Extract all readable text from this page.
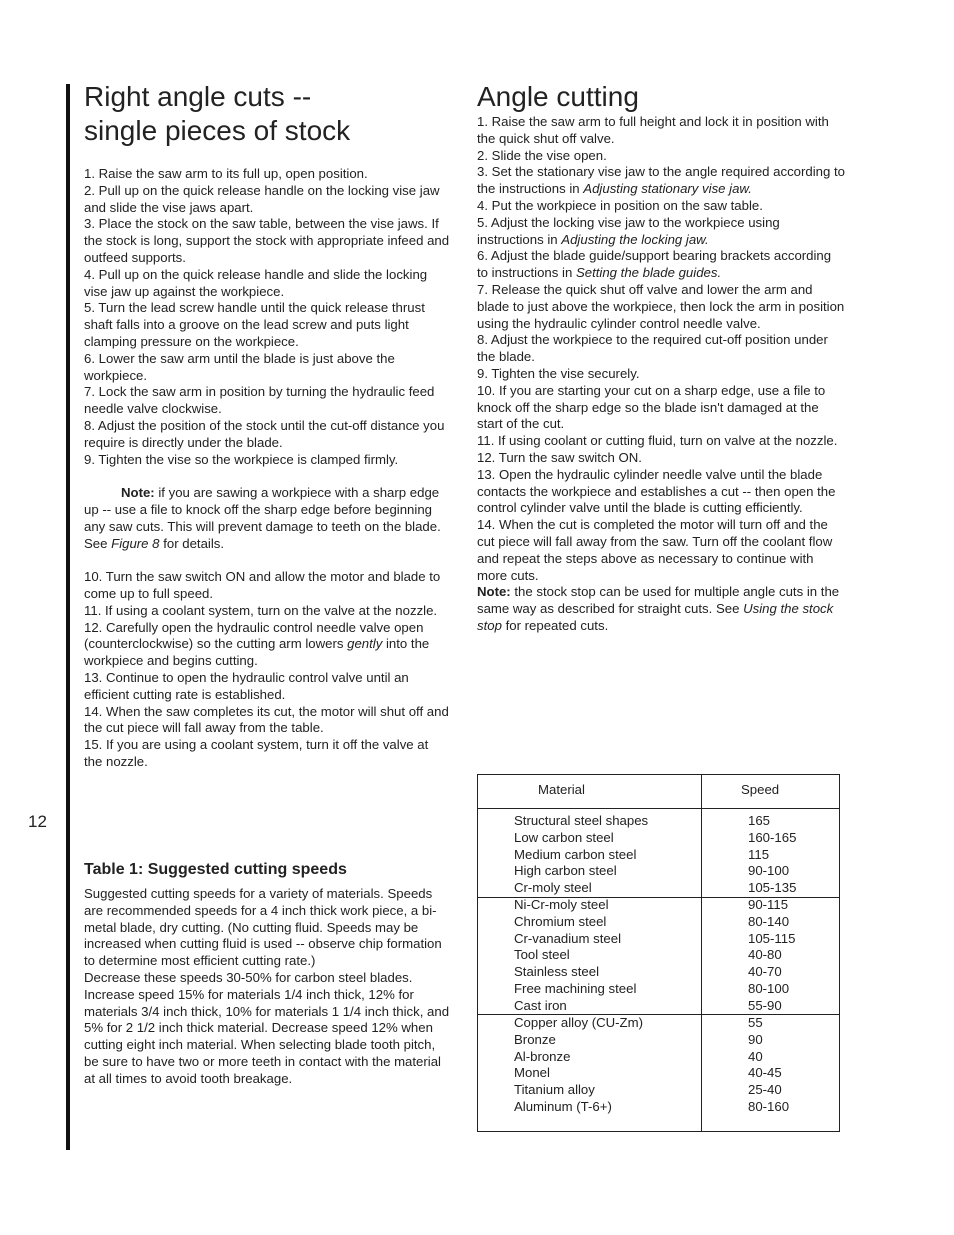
12
Right angle cuts --
single pieces of stock

1. Raise the saw arm to its full up, open position.

2. Pull up on the quick release handle on the locking vise jaw and slide the vise jaws apart.

3. Place the stock on the saw table, between the vise jaws. If the stock is long, support the stock with appropriate infeed and outfeed supports.

4. Pull up on the quick release handle and slide the locking vise jaw up against the workpiece.

5. Turn the lead screw handle until the quick release thrust shaft falls into a groove on the lead screw and puts light clamping pressure on the workpiece.

6. Lower the saw arm until the blade is just above the workpiece.

7. Lock the saw arm in position by turning the hydraulic feed needle valve clockwise.

8. Adjust the position of the stock until the cut-off distance you require is directly under the blade.

9. Tighten the vise so the workpiece is clamped firmly.

Note: if you are sawing a workpiece with a sharp edge up -- use a file to knock off the sharp edge before beginning any saw cuts. This will prevent damage to teeth on the blade. See Figure 8 for details.

10. Turn the saw switch ON and allow the motor and blade to come up to full speed.

11. If using a coolant system, turn on the valve at the nozzle.

12. Carefully open the hydraulic control needle valve open (counterclockwise) so the cutting arm lowers gently into the workpiece and begins cutting.

13. Continue to open the hydraulic control valve until an efficient cutting rate is established.

14. When the saw completes its cut, the motor will shut off and the cut piece will fall away from the table.

15. If you are using a coolant system, turn it off the valve at the nozzle.

Table 1: Suggested cutting speeds

Suggested cutting speeds for a variety of materials. Speeds are recommended speeds for a 4 inch thick work piece, a bi-metal blade, dry cutting. (No cutting fluid. Speeds may be increased when cutting fluid is used -- observe chip formation to determine most efficient cutting rate.)

Decrease these speeds 30-50% for carbon steel blades. Increase speed 15% for materials 1/4 inch thick, 12% for materials 3/4 inch thick, 10% for materials 1 1/4 inch thick, and 5% for 2 1/2 inch thick material. Decrease speed 12% when cutting eight inch material. When selecting blade tooth pitch, be sure to have two or more teeth in contact with the material at all times to avoid tooth breakage.

Angle cutting

1. Raise the saw arm to full height and lock it in position with the quick shut off valve.

2. Slide the vise open.

3. Set the stationary vise jaw to the angle required according to the instructions in Adjusting stationary vise jaw.

4. Put the workpiece in position on the saw table.

5. Adjust the locking vise jaw to the workpiece using instructions in Adjusting the locking jaw.

6. Adjust the blade guide/support bearing brackets according to instructions in Setting the blade guides.

7. Release the quick shut off valve and lower the arm and blade to just above the workpiece, then lock the arm in position using the hydraulic cylinder control needle valve.

8. Adjust the workpiece to the required cut-off position under the blade.

9. Tighten the vise securely.

10. If you are starting your cut on a sharp edge, use a file to knock off the sharp edge so the blade isn't damaged at the start of the cut.

11. If using coolant or cutting fluid, turn on valve at the nozzle.

12. Turn the saw switch ON.

13. Open the hydraulic cylinder needle valve until the blade contacts the workpiece and establishes a cut -- then open the control cylinder valve until the blade is cutting efficiently.

14. When the cut is completed the motor will turn off and the cut piece will fall away from the saw. Turn off the coolant flow and repeat the steps above as necessary to continue with more cuts.

Note: the stock stop can be used for multiple angle cuts in the same way as described for straight cuts. See Using the stock stop for repeated cuts.

Material	Speed
Structural steel shapes	165
Low carbon steel	160-165
Medium carbon steel	115
High carbon steel	90-100
Cr-moly steel	105-135
Ni-Cr-moly steel	90-115
Chromium steel	80-140
Cr-vanadium steel	105-115
Tool steel	40-80
Stainless steel	40-70
Free machining steel	80-100
Cast iron	55-90
Copper alloy (CU-Zm)	55
Bronze	90
Al-bronze	40
Monel	40-45
Titanium alloy	25-40
Aluminum (T-6+)	80-160
